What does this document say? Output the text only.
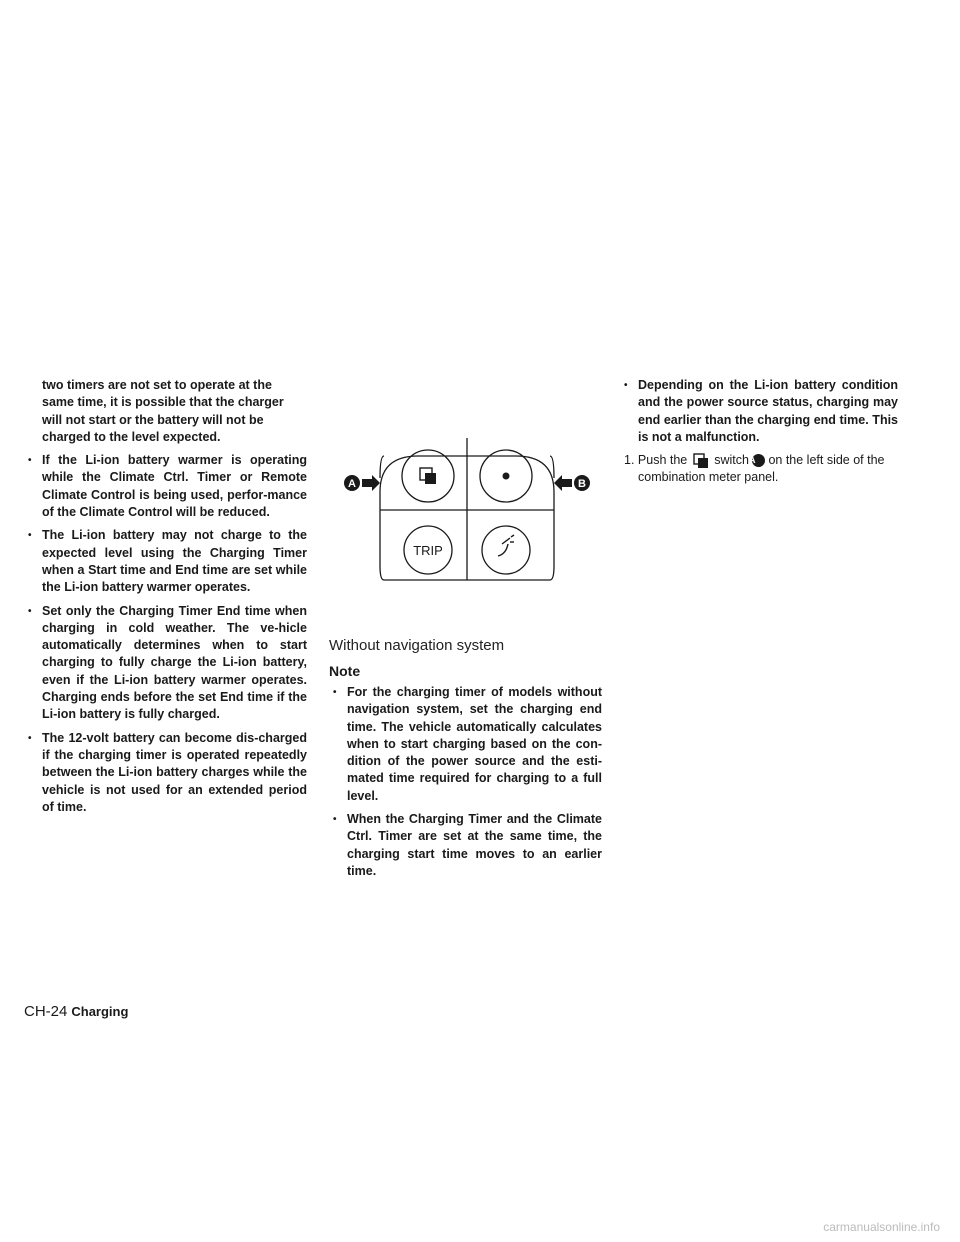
two timers are not set to operate at the

same time, it is possible that the charger

will not start or the battery will not be

charged to the level expected.

• If the Li-ion battery warmer is operating while the Climate Ctrl. Timer or Remote Climate Control is being used, perfor-mance of the Climate Control will be reduced.

• The Li-ion battery may not charge to the expected level using the Charging Timer when a Start time and End time are set while the Li-ion battery warmer operates.

• Set only the Charging Timer End time when charging in cold weather. The ve-hicle automatically determines when to start charging to fully charge the Li-ion battery, even if the Li-ion battery warmer operates. Charging ends before the set End time if the Li-ion battery is fully charged.

• The 12-volt battery can become dis-charged if the charging timer is operated repeatedly between the Li-ion battery charges while the vehicle is not used for an extended period of time.

TRIP
A	B
Without navigation system
Note

• For the charging timer of models without navigation system, set the charging end time. The vehicle automatically calculates when to start charging based on the con-dition of the power source and the esti-mated time required for charging to a full level.

• When the Charging Timer and the Climate Ctrl. Timer are set at the same time, the charging start time moves to an earlier time.

• Depending on the Li-ion battery condition and the power source status, charging may end earlier than the charging end time. This is not a malfunction.

1. Push the switch A on the left side of the combination meter panel.

CH-24 Charging
carmanualsonline.info
